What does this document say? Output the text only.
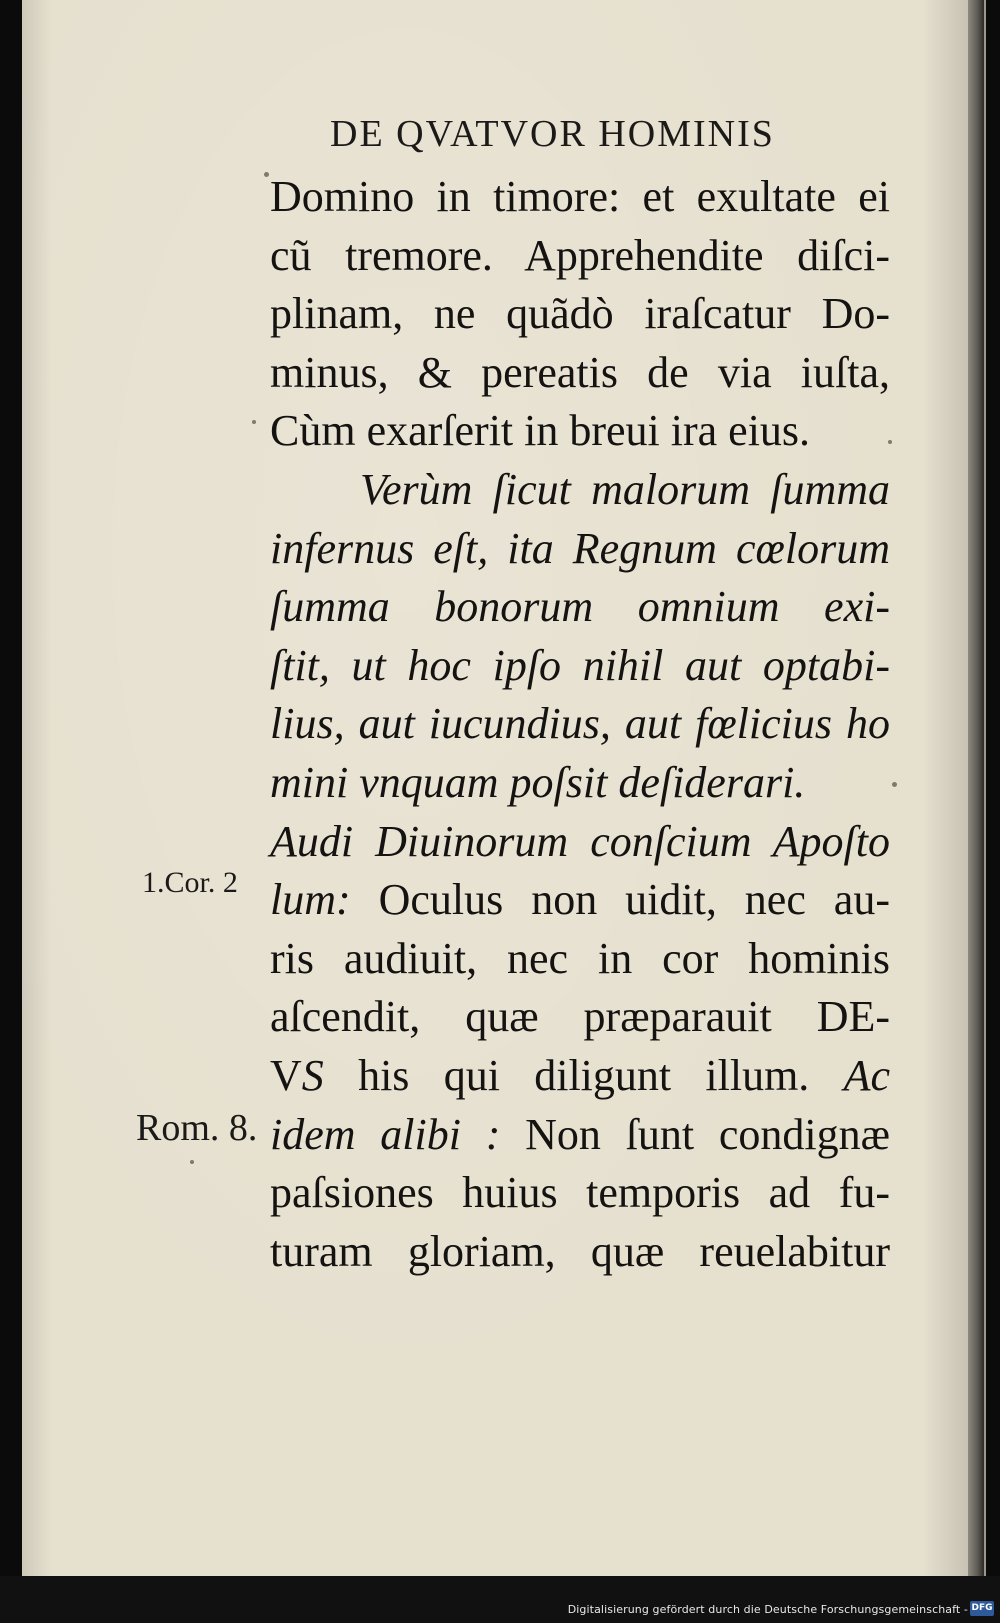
DE QVATVOR HOMINIS
Domino in timore: et exultate ei
cũ tremore. Apprehendite diſci-
plinam, ne quãdò iraſcatur Do-
minus, & pereatis de via iuſta,
Cùm exarſerit in breui ira eius.
Verùm ſicut malorum ſumma
infernus eſt, ita Regnum cœlorum
ſumma bonorum omnium exi-
ſtit, ut hoc ipſo nihil aut optabi-
lius, aut iucundius, aut fœlicius ho
mini vnquam poſsit deſiderari.
Audi Diuinorum conſcium Apoſto
lum: Oculus non uidit, nec au-
ris audiuit, nec in cor hominis
aſcendit, quæ præparauit DE-
VS his qui diligunt illum. Ac
idem alibi : Non ſunt condignæ
paſsiones huius temporis ad fu-
turam gloriam, quæ reuelabitur
1.Cor. 2
Rom. 8.
Digitalisierung gefördert durch die Deutsche Forschungsgemeinschaft - DFG
